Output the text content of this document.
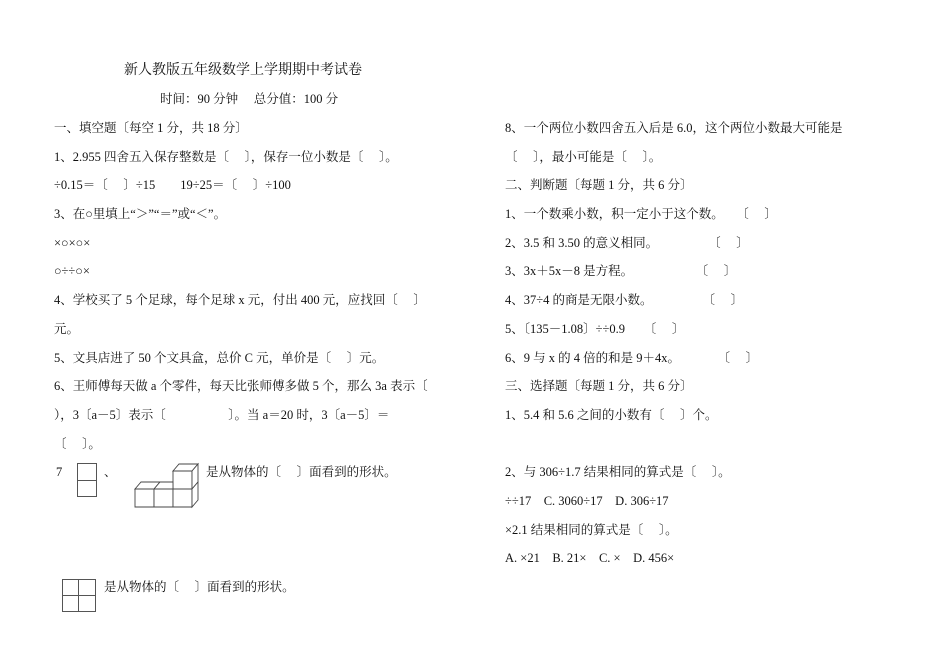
新人教版五年级数学上学期期中考试卷
时间：90 分钟　 总分值：100 分
一、填空题〔每空 1 分，共 18 分〕
1、2.955 四舍五入保存整数是〔　 〕，保存一位小数是〔　 〕。
÷0.15＝〔　 〕÷15　　19÷25＝〔　 〕÷100
3、在○里填上“＞”“＝”或“＜”。
×○×○×
○÷÷○×
4、学校买了 5 个足球，每个足球 x 元，付出 400 元，应找回〔　 〕
元。
5、文具店进了 50 个文具盒，总价 C 元，单价是〔　 〕元。
6、王师傅每天做 a 个零件，每天比张师傅多做 5 个，那么 3a 表示〔
），3〔a－5〕表示〔　　　　　〕。当 a＝20 时，3〔a－5〕＝
〔　 〕。
7	、	是从物体的〔　 〕面看到的形状。
是从物体的〔　 〕面看到的形状。
8、一个两位小数四舍五入后是 6.0，这个两位小数最大可能是
〔　 〕，最小可能是〔　 〕。
二、判断题〔每题 1 分，共 6 分〕
1、一个数乘小数，积一定小于这个数。　　〔　 〕
2、3.5 和 3.50 的意义相同。　　　　　〔　 〕
3、3x＋5x－8 是方程。　　　　　　〔　 〕
4、37÷4 的商是无限小数。　　　　　〔　 〕
5、〔135－1.08〕÷÷0.9　　〔　 〕
6、9 与 x 的 4 倍的和是 9＋4x。　　　　〔　 〕
三、选择题〔每题 1 分，共 6 分〕
1、5.4 和 5.6 之间的小数有〔　 〕个。
2、与 306÷1.7 结果相同的算式是〔　 〕。
÷÷17　C. 3060÷17　D. 306÷17
×2.1 结果相同的算式是〔　 〕。
A. ×21　B. 21×　C. ×　D. 456×
